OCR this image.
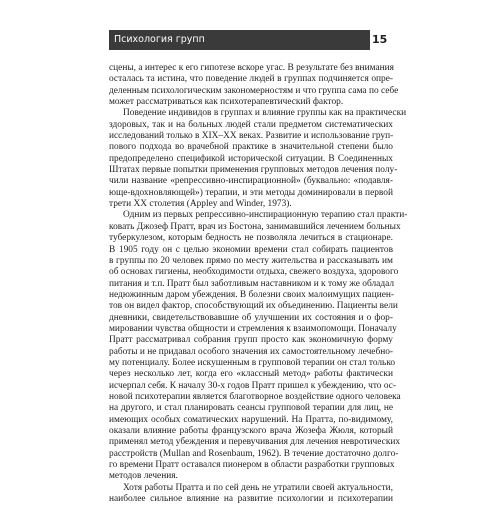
Психология групп	15

сцены, а интерес к его гипотезе вскоре угас. В результате без внимания
осталась та истина, что поведение людей в группах подчиняется опре-
деленным психологическим закономерностям и что группа сама по себе
может рассматриваться как психотерапевтический фактор.

Поведение индивидов в группах и влияние группы как на практически
здоровых, так и на больных людей стали предметом систематических
исследований только в XIX–XX веках. Развитие и использование груп-
пового подхода во врачебной практике в значительной степени было
предопределено спецификой исторической ситуации. В Соединенных
Штатах первые попытки применения групповых методов лечения полу-
чили название «репрессивно-инспирационной» (буквально: «подавля-
юще-вдохновляющей») терапии, и эти методы доминировали в первой
трети XX столетия (Appley and Winder, 1973).

Одним из первых репрессивно-инспирационную терапию стал практи-
ковать Джозеф Пратт, врач из Бостона, занимавшийся лечением больных
туберкулезом, которым бедность не позволяла лечиться в стационаре.
В 1905 году он с целью экономии времени стал собирать пациентов
в группы по 20 человек прямо по месту жительства и рассказывать им
об основах гигиены, необходимости отдыха, свежего воздуха, здорового
питания и т.п. Пратт был заботливым наставником и к тому же обладал
недюжинным даром убеждения. В болезни своих малоимущих пациен-
тов он видел фактор, способствующий их объединению. Пациенты вели
дневники, свидетельствовавшие об улучшении их состояния и о фор-
мировании чувства общности и стремления к взаимопомощи. Поначалу
Пратт рассматривал собрания групп просто как экономичную форму
работы и не придавал особого значения их самостоятельному лечебно-
му потенциалу. Более искушенным в групповой терапии он стал только
через несколько лет, когда его «классный метод» работы фактически
исчерпал себя. К началу 30-х годов Пратт пришел к убеждению, что ос-
новой психотерапии является благотворное воздействие одного человека
на другого, и стал планировать сеансы групповой терапии для лиц, не
имеющих особых соматических нарушений. На Пратта, по-видимому,
оказали влияние работы французского врача Жозефа Жюля, который
применял метод убеждения и перевучивания для лечения невротических
расстройств (Mullan and Rosenbaum, 1962). В течение достаточно долго-
го времени Пратт оставался пионером в области разработки групповых
методов лечения.

Хотя работы Пратта и по сей день не утратили своей актуальности,
наиболее сильное влияние на развитие психологии и психотерапии
